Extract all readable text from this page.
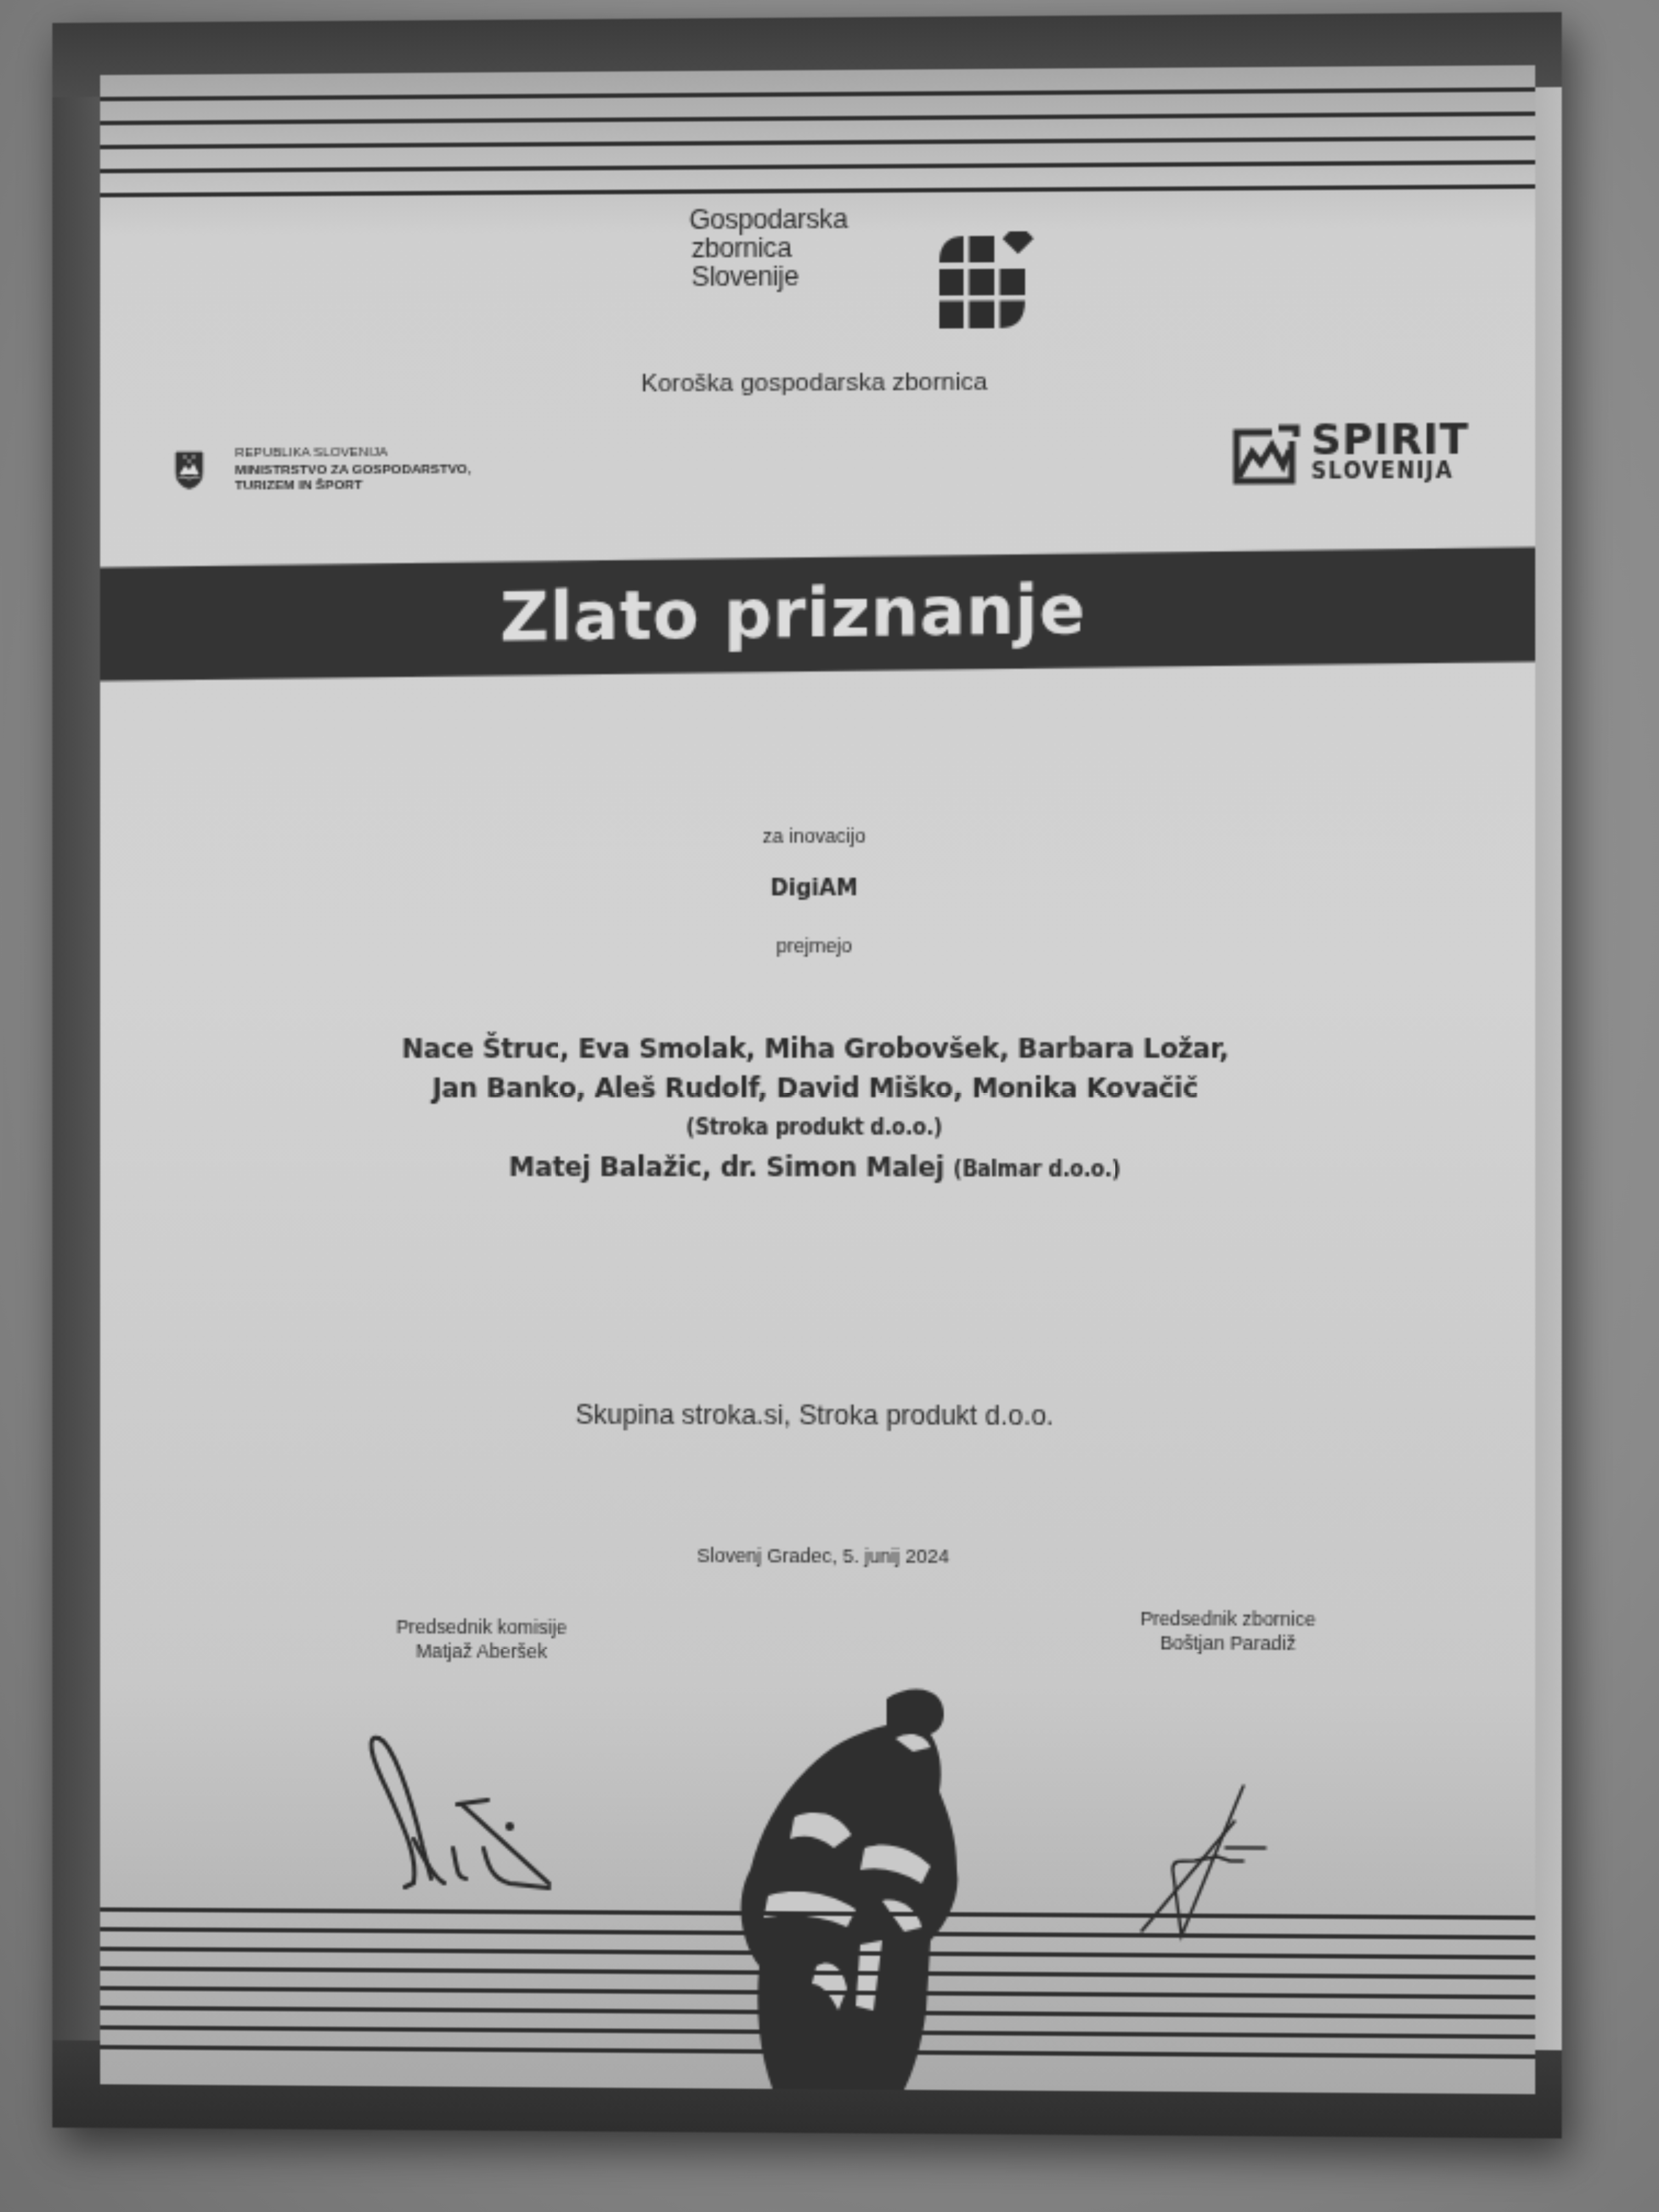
Gospodarska
zbornica
Slovenije
Koroška gospodarska zbornica
REPUBLIKA SLOVENIJA
MINISTRSTVO ZA GOSPODARSTVO,
TURIZEM IN ŠPORT
SPIRIT
SLOVENIJA
Zlato priznanje
za inovacijo
DigiAM
prejmejo
Nace Štruc, Eva Smolak, Miha Grobovšek, Barbara Ložar,
Jan Banko, Aleš Rudolf, David Miško, Monika Kovačič
(Stroka produkt d.o.o.)
Matej Balažic, dr. Simon Malej (Balmar d.o.o.)
Skupina stroka.si, Stroka produkt d.o.o.
Slovenj Gradec, 5. junij 2024
Predsednik komisije
Matjaž Aberšek
Predsednik zbornice
Boštjan Paradiž
